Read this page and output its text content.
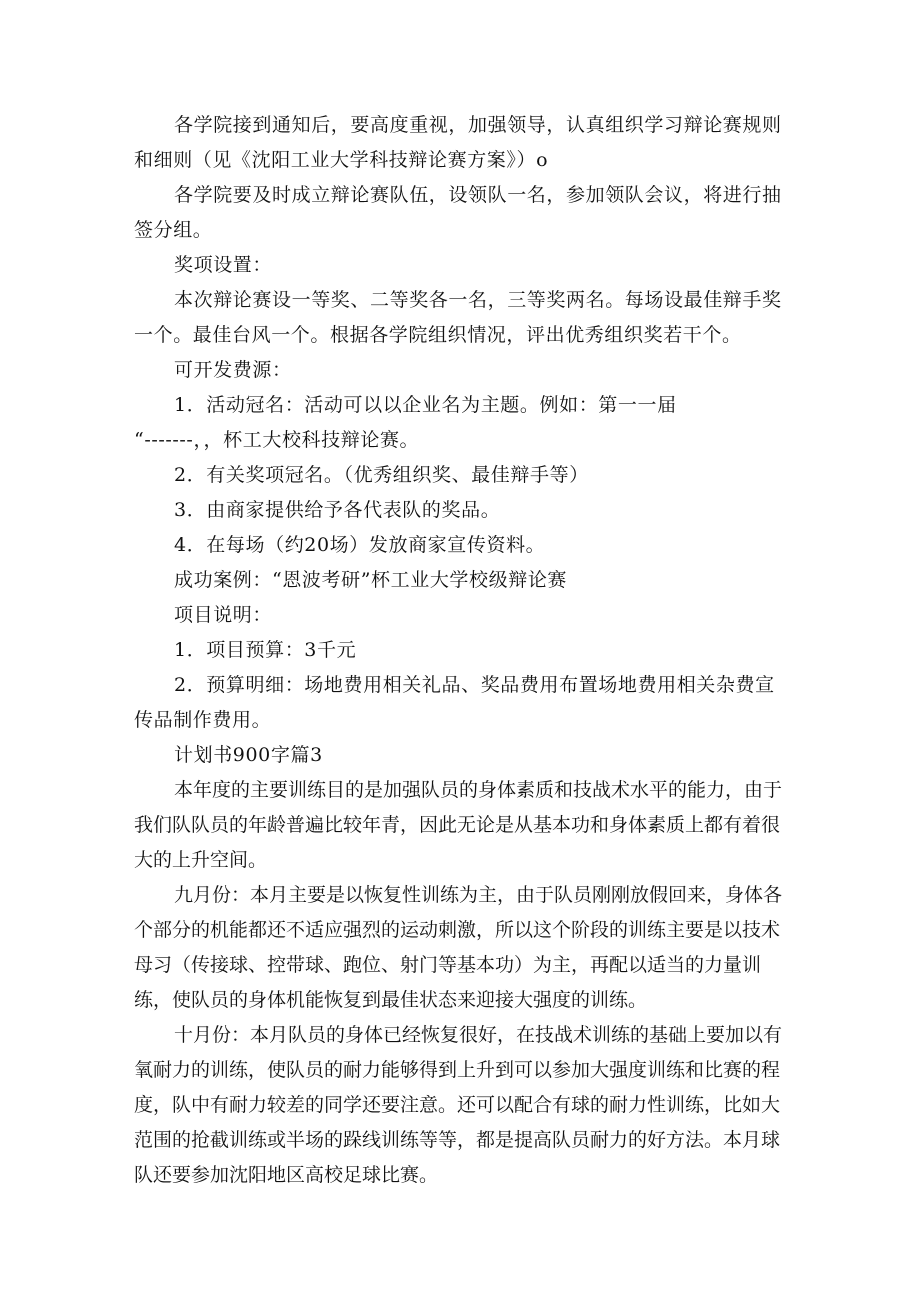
各学院接到通知后，要高度重视，加强领导，认真组织学习辩论赛规则和细则（见《沈阳工业大学科技辩论赛方案》）o

各学院要及时成立辩论赛队伍，设领队一名，参加领队会议，将进行抽签分组。

奖项设置：

本次辩论赛设一等奖、二等奖各一名，三等奖两名。每场设最佳辩手奖一个。最佳台风一个。根据各学院组织情况，评出优秀组织奖若干个。

可开发费源：

1．活动冠名：活动可以以企业名为主题。例如：第一一届

“-------，，杯工大校科技辩论赛。

2．有关奖项冠名。（优秀组织奖、最佳辩手等）

3．由商家提供给予各代表队的奖品。

4．在每场（约20场）发放商家宣传资料。

成功案例：“恩波考研”杯工业大学校级辩论赛

项目说明：

1．项目预算：3千元

2．预算明细：场地费用相关礼品、奖品费用布置场地费用相关杂费宣传品制作费用。

计划书900字篇3

本年度的主要训练目的是加强队员的身体素质和技战术水平的能力，由于我们队队员的年龄普遍比较年青，因此无论是从基本功和身体素质上都有着很大的上升空间。

九月份：本月主要是以恢复性训练为主，由于队员刚刚放假回来，身体各个部分的机能都还不适应强烈的运动刺激，所以这个阶段的训练主要是以技术母习（传接球、控带球、跑位、射门等基本功）为主，再配以适当的力量训练，使队员的身体机能恢复到最佳状态来迎接大强度的训练。

十月份：本月队员的身体已经恢复很好，在技战术训练的基础上要加以有氧耐力的训练，使队员的耐力能够得到上升到可以参加大强度训练和比赛的程度，队中有耐力较差的同学还要注意。还可以配合有球的耐力性训练，比如大范围的抢截训练或半场的跺线训练等等，都是提高队员耐力的好方法。本月球队还要参加沈阳地区高校足球比赛。
